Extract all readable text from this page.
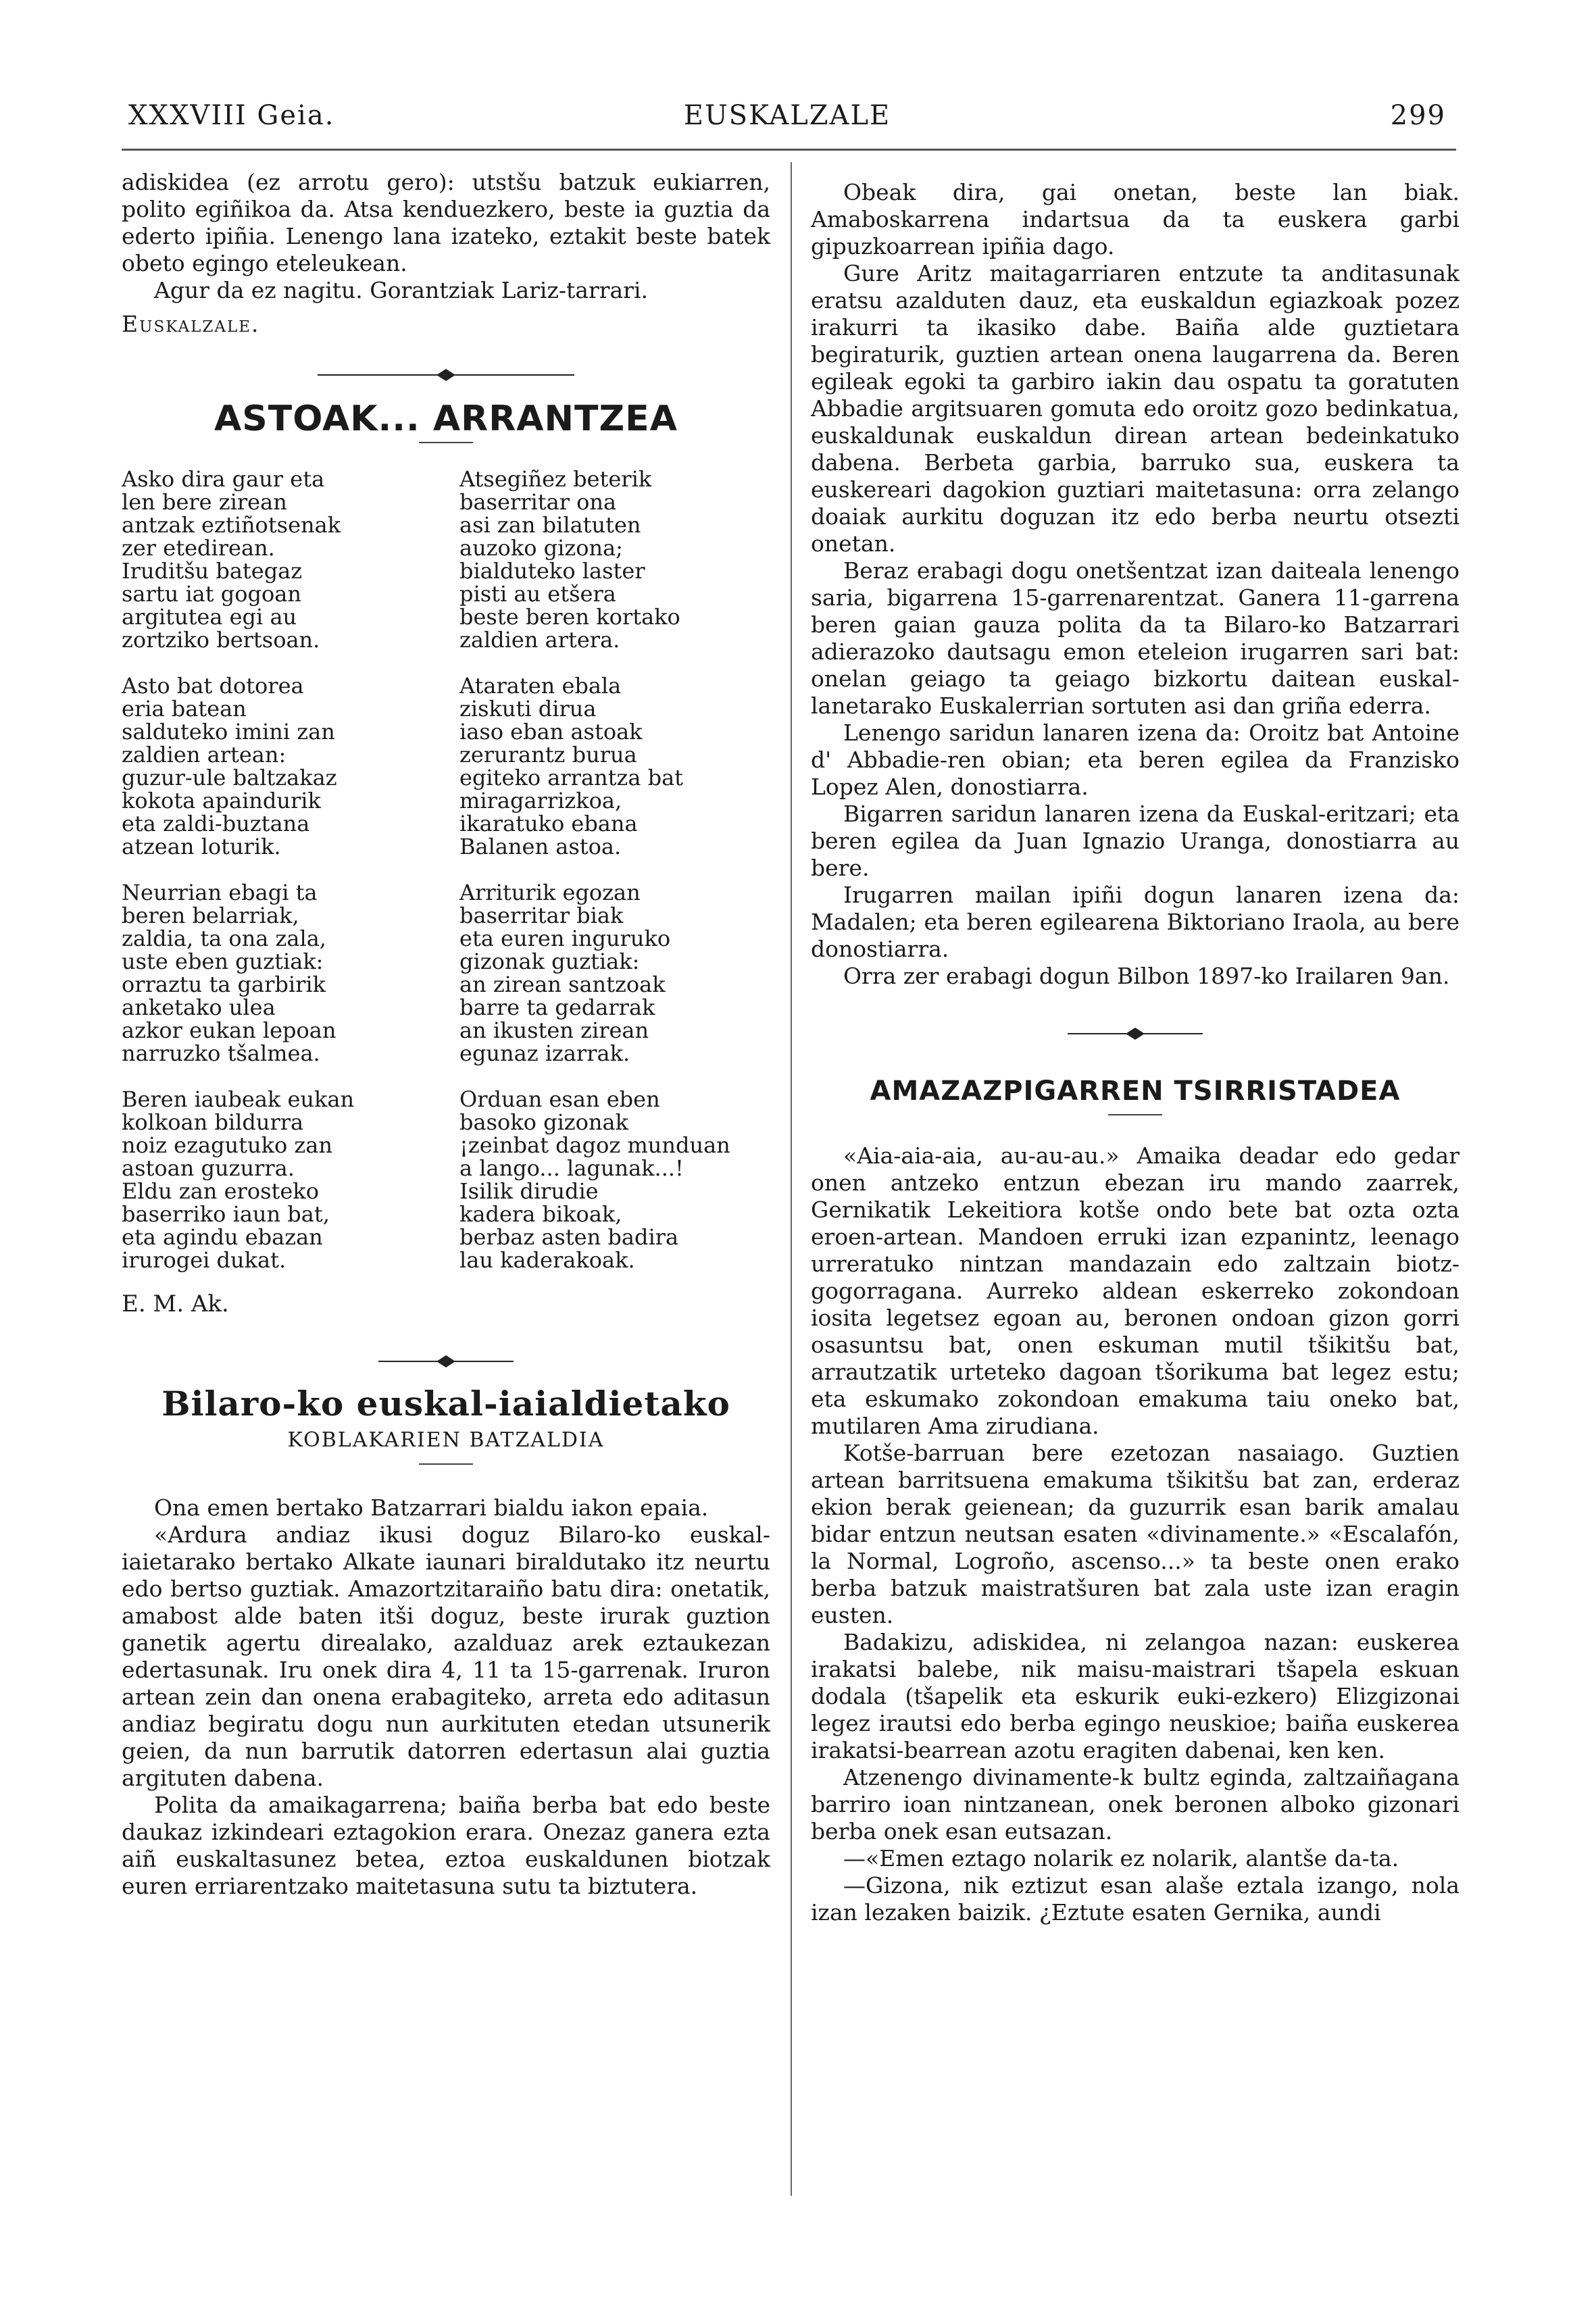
XXXVIII Geia.	EUSKALZALE	299

adiskidea (ez arrotu gero): utstšu batzuk eukiarren, polito egiñikoa da. Atsa kenduezkero, beste ia guztia da ederto ipiñia. Lenengo lana izateko, eztakit beste batek obeto egingo eteleukean.

Agur da ez nagitu. Gorantziak Lariz-tarrari.

Euskalzale.

ASTOAK... ARRANTZEA
Asko dira gaur eta
len bere zirean
antzak eztiñotsenak
zer etedirean.
Iruditšu bategaz
sartu iat gogoan
argitutea egi au
zortziko bertsoan.
Asto bat dotorea
eria batean
salduteko imini zan
zaldien artean:
guzur-ule baltzakaz
kokota apaindurik
eta zaldi-buztana
atzean loturik.
Neurrian ebagi ta
beren belarriak,
zaldia, ta ona zala,
uste eben guztiak:
orraztu ta garbirik
anketako ulea
azkor eukan lepoan
narruzko tšalmea.
Beren iaubeak eukan
kolkoan bildurra
noiz ezagutuko zan
astoan guzurra.
Eldu zan erosteko
baserriko iaun bat,
eta agindu ebazan
irurogei dukat.
Atsegiñez beterik
baserritar ona
asi zan bilatuten
auzoko gizona;
bialduteko laster
pisti au etšera
beste beren kortako
zaldien artera.
Ataraten ebala
ziskuti dirua
iaso eban astoak
zerurantz burua
egiteko arrantza bat
miragarrizkoa,
ikaratuko ebana
Balanen astoa.
Arriturik egozan
baserritar biak
eta euren inguruko
gizonak guztiak:
an zirean santzoak
barre ta gedarrak
an ikusten zirean
egunaz izarrak.
Orduan esan eben
basoko gizonak
¡zeinbat dagoz munduan
a lango... lagunak...!
Isilik dirudie
kadera bikoak,
berbaz asten badira
lau kaderakoak.

E. M. Ak.

Bilaro-ko euskal-iaialdietako
KOBLAKARIEN BATZALDIA

Ona emen bertako Batzarrari bialdu iakon epaia.

«Ardura andiaz ikusi doguz Bilaro-ko euskal-iaietarako bertako Alkate iaunari biraldutako itz neurtu edo bertso guztiak. Amazortzitaraiño batu dira: onetatik, amabost alde baten itši doguz, beste irurak guztion ganetik agertu direalako, azalduaz arek eztaukezan edertasunak. Iru onek dira 4, 11 ta 15-garrenak. Iruron artean zein dan onena erabagiteko, arreta edo aditasun andiaz begiratu dogu nun aurkituten etedan utsunerik geien, da nun barrutik datorren edertasun alai guztia argituten dabena.

Polita da amaikagarrena; baiña berba bat edo beste daukaz izkindeari eztagokion erara. Onezaz ganera ezta aiñ euskaltasunez betea, eztoa euskaldunen biotzak euren erriarentzako maitetasuna sutu ta biztutera.

Obeak dira, gai onetan, beste lan biak. Amaboskarrena indartsua da ta euskera garbi gipuzkoarrean ipiñia dago.

Gure Aritz maitagarriaren entzute ta anditasunak eratsu azalduten dauz, eta euskaldun egiazkoak pozez irakurri ta ikasiko dabe. Baiña alde guztietara begiraturik, guztien artean onena laugarrena da. Beren egileak egoki ta garbiro iakin dau ospatu ta goratuten Abbadie argitsuaren gomuta edo oroitz gozo bedinkatua, euskaldunak euskaldun direan artean bedeinkatuko dabena. Berbeta garbia, barruko sua, euskera ta euskereari dagokion guztiari maitetasuna: orra zelango doaiak aurkitu doguzan itz edo berba neurtu otsezti onetan.

Beraz erabagi dogu onetšentzat izan daiteala lenengo saria, bigarrena 15-garrenarentzat. Ganera 11-garrena beren gaian gauza polita da ta Bilaro-ko Batzarrari adierazoko dautsagu emon eteleion irugarren sari bat: onelan geiago ta geiago bizkortu daitean euskal-lanetarako Euskalerrian sortuten asi dan griña ederra.

Lenengo saridun lanaren izena da: Oroitz bat Antoine d' Abbadie-ren obian; eta beren egilea da Franzisko Lopez Alen, donostiarra.

Bigarren saridun lanaren izena da Euskal-eritzari; eta beren egilea da Juan Ignazio Uranga, donostiarra au bere.

Irugarren mailan ipiñi dogun lanaren izena da: Madalen; eta beren egilearena Biktoriano Iraola, au bere donostiarra.

Orra zer erabagi dogun Bilbon 1897-ko Irailaren 9an.

AMAZAZPIGARREN TSIRRISTADEA

«Aia-aia-aia, au-au-au.» Amaika deadar edo gedar onen antzeko entzun ebezan iru mando zaarrek, Gernikatik Lekeitiora kotše ondo bete bat ozta ozta eroen-artean. Mandoen erruki izan ezpanintz, leenago urreratuko nintzan mandazain edo zaltzain biotz-gogorragana. Aurreko aldean eskerreko zokondoan iosita legetsez egoan au, beronen ondoan gizon gorri osasuntsu bat, onen eskuman mutil tšikitšu bat, arrautzatik urteteko dagoan tšorikuma bat legez estu; eta eskumako zokondoan emakuma taiu oneko bat, mutilaren Ama zirudiana.

Kotše-barruan bere ezetozan nasaiago. Guztien artean barritsuena emakuma tšikitšu bat zan, erderaz ekion berak geienean; da guzurrik esan barik amalau bidar entzun neutsan esaten «divinamente.» «Escalafón, la Normal, Logroño, ascenso...» ta beste onen erako berba batzuk maistratšuren bat zala uste izan eragin eusten.

Badakizu, adiskidea, ni zelangoa nazan: euskerea irakatsi balebe, nik maisu-maistrari tšapela eskuan dodala (tšapelik eta eskurik euki-ezkero) Elizgizonai legez irautsi edo berba egingo neuskioe; baiña euskerea irakatsi-bearrean azotu eragiten dabenai, ken ken.

Atzenengo divinamente-k bultz eginda, zaltzaiñagana barriro ioan nintzanean, onek beronen alboko gizonari berba onek esan eutsazan.

—«Emen eztago nolarik ez nolarik, alantše da-ta.

—Gizona, nik eztizut esan alaše eztala izango, nola izan lezaken baizik. ¿Eztute esaten Gernika, aundi
